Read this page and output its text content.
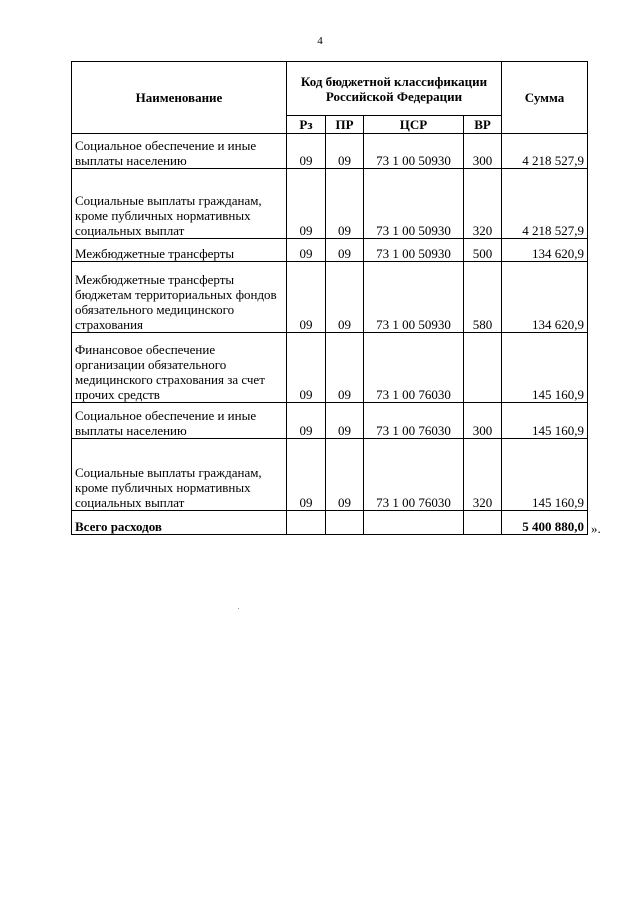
4
Наименование	Код бюджетной классификации Российской Федерации				Сумма
	Рз	ПР	ЦСР	ВР	
Социальное обеспечение и иные выплаты населению	09	09	73 1 00 50930	300	4 218 527,9
Социальные выплаты гражданам, кроме публичных нормативных социальных выплат	09	09	73 1 00 50930	320	4 218 527,9
Межбюджетные трансферты	09	09	73 1 00 50930	500	134 620,9
Межбюджетные трансферты бюджетам территориальных фондов обязательного медицинского страхования	09	09	73 1 00 50930	580	134 620,9
Финансовое обеспечение организации обязательного медицинского страхования за счет прочих средств	09	09	73 1 00 76030		145 160,9
Социальное обеспечение и иные выплаты населению	09	09	73 1 00 76030	300	145 160,9
Социальные выплаты гражданам, кроме публичных нормативных социальных выплат	09	09	73 1 00 76030	320	145 160,9
Всего расходов					5 400 880,0 ».
